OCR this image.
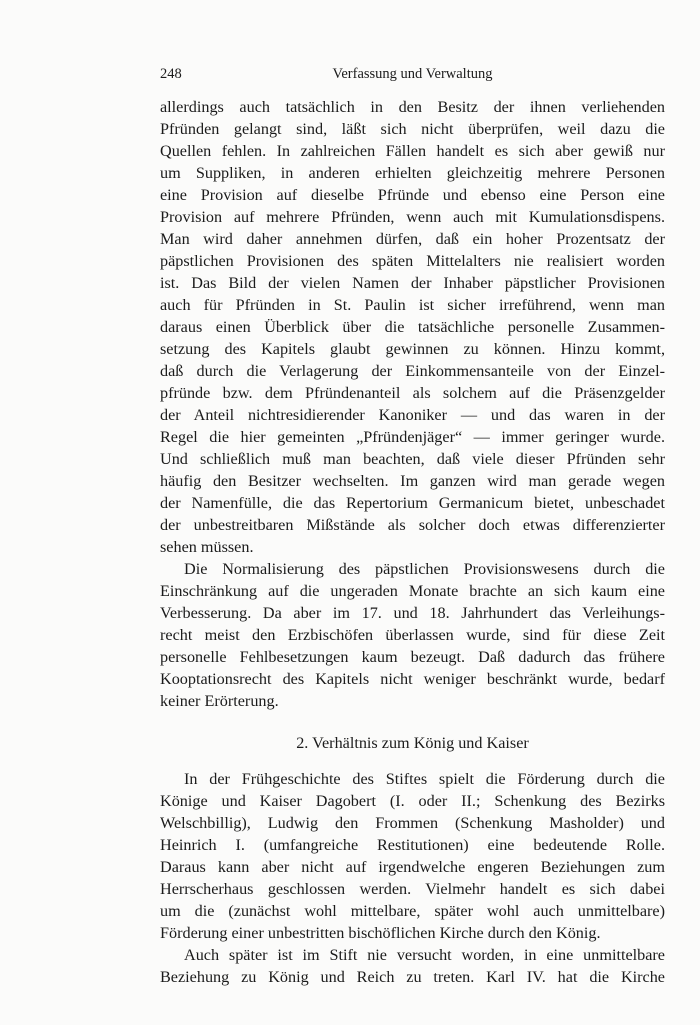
248	Verfassung und Verwaltung
allerdings auch tatsächlich in den Besitz der ihnen verliehenden
Pfründen gelangt sind, läßt sich nicht überprüfen, weil dazu die
Quellen fehlen. In zahlreichen Fällen handelt es sich aber gewiß nur
um Suppliken, in anderen erhielten gleichzeitig mehrere Personen
eine Provision auf dieselbe Pfründe und ebenso eine Person eine
Provision auf mehrere Pfründen, wenn auch mit Kumulationsdispens.
Man wird daher annehmen dürfen, daß ein hoher Prozentsatz der
päpstlichen Provisionen des späten Mittelalters nie realisiert worden
ist. Das Bild der vielen Namen der Inhaber päpstlicher Provisionen
auch für Pfründen in St. Paulin ist sicher irreführend, wenn man
daraus einen Überblick über die tatsächliche personelle Zusammen-
setzung des Kapitels glaubt gewinnen zu können. Hinzu kommt,
daß durch die Verlagerung der Einkommensanteile von der Einzel-
pfründe bzw. dem Pfründenanteil als solchem auf die Präsenzgelder
der Anteil nichtresidierender Kanoniker — und das waren in der
Regel die hier gemeinten „Pfründenjäger“ — immer geringer wurde.
Und schließlich muß man beachten, daß viele dieser Pfründen sehr
häufig den Besitzer wechselten. Im ganzen wird man gerade wegen
der Namenfülle, die das Repertorium Germanicum bietet, unbeschadet
der unbestreitbaren Mißstände als solcher doch etwas differenzierter
sehen müssen.
Die Normalisierung des päpstlichen Provisionswesens durch die
Einschränkung auf die ungeraden Monate brachte an sich kaum eine
Verbesserung. Da aber im 17. und 18. Jahrhundert das Verleihungs-
recht meist den Erzbischöfen überlassen wurde, sind für diese Zeit
personelle Fehlbesetzungen kaum bezeugt. Daß dadurch das frühere
Kooptationsrecht des Kapitels nicht weniger beschränkt wurde, bedarf
keiner Erörterung.
2. Verhältnis zum König und Kaiser
In der Frühgeschichte des Stiftes spielt die Förderung durch die
Könige und Kaiser Dagobert (I. oder II.; Schenkung des Bezirks
Welschbillig), Ludwig den Frommen (Schenkung Masholder) und
Heinrich I. (umfangreiche Restitutionen) eine bedeutende Rolle.
Daraus kann aber nicht auf irgendwelche engeren Beziehungen zum
Herrscherhaus geschlossen werden. Vielmehr handelt es sich dabei
um die (zunächst wohl mittelbare, später wohl auch unmittelbare)
Förderung einer unbestritten bischöflichen Kirche durch den König.
Auch später ist im Stift nie versucht worden, in eine unmittelbare
Beziehung zu König und Reich zu treten. Karl IV. hat die Kirche
